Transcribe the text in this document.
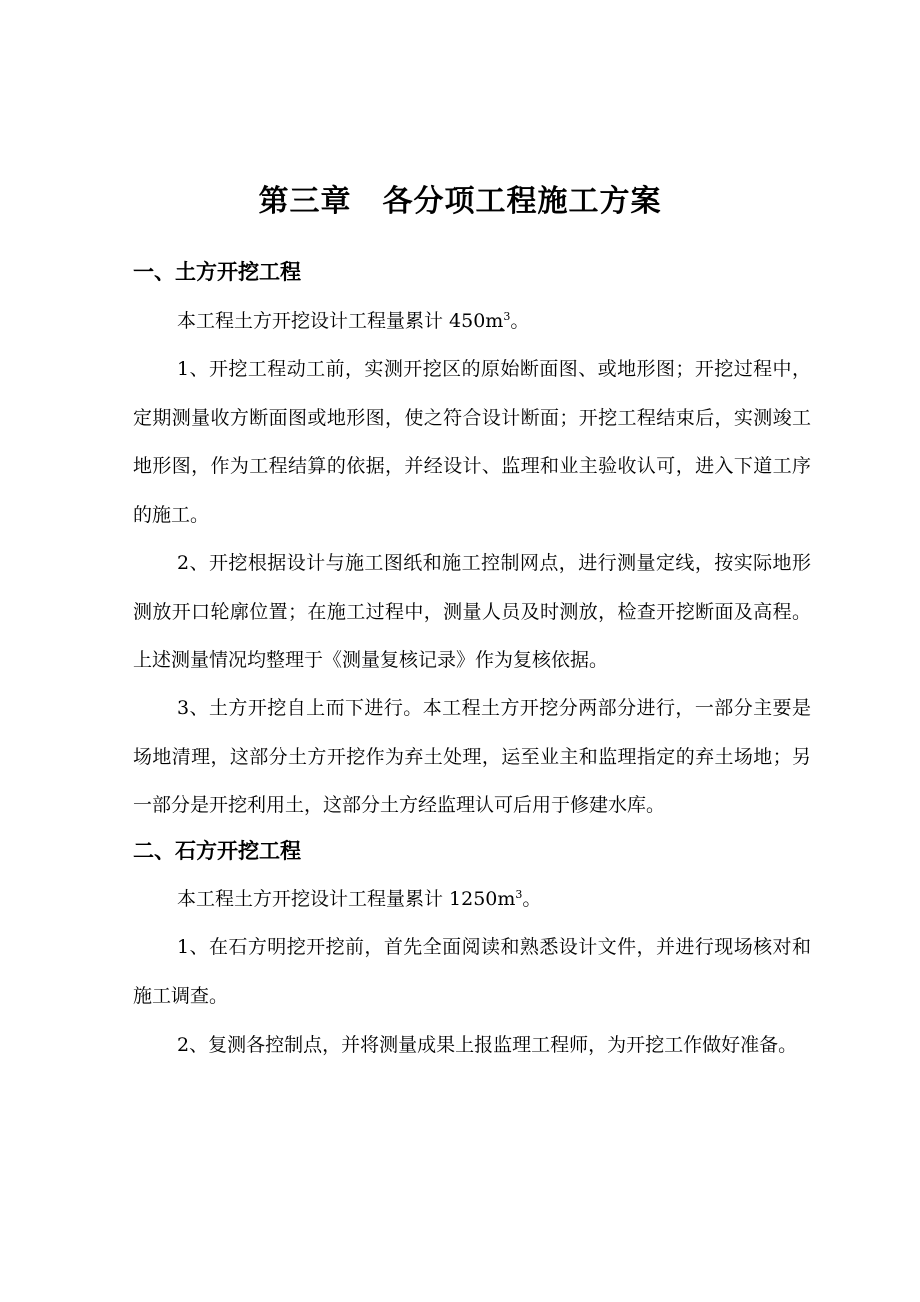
第三章　各分项工程施工方案
一、土方开挖工程

本工程土方开挖设计工程量累计 $450m^3$。

1、开挖工程动工前，实测开挖区的原始断面图、或地形图；开挖过程中，定期测量收方断面图或地形图，使之符合设计断面；开挖工程结束后，实测竣工地形图，作为工程结算的依据，并经设计、监理和业主验收认可，进入下道工序的施工。

2、开挖根据设计与施工图纸和施工控制网点，进行测量定线，按实际地形测放开口轮廓位置；在施工过程中，测量人员及时测放，检查开挖断面及高程。上述测量情况均整理于《测量复核记录》作为复核依据。

3、土方开挖自上而下进行。本工程土方开挖分两部分进行，一部分主要是场地清理，这部分土方开挖作为弃土处理，运至业主和监理指定的弃土场地；另一部分是开挖利用土，这部分土方经监理认可后用于修建水库。

二、石方开挖工程

本工程土方开挖设计工程量累计 $1250m^3$。

1、在石方明挖开挖前，首先全面阅读和熟悉设计文件，并进行现场核对和施工调查。

2、复测各控制点，并将测量成果上报监理工程师，为开挖工作做好准备。
